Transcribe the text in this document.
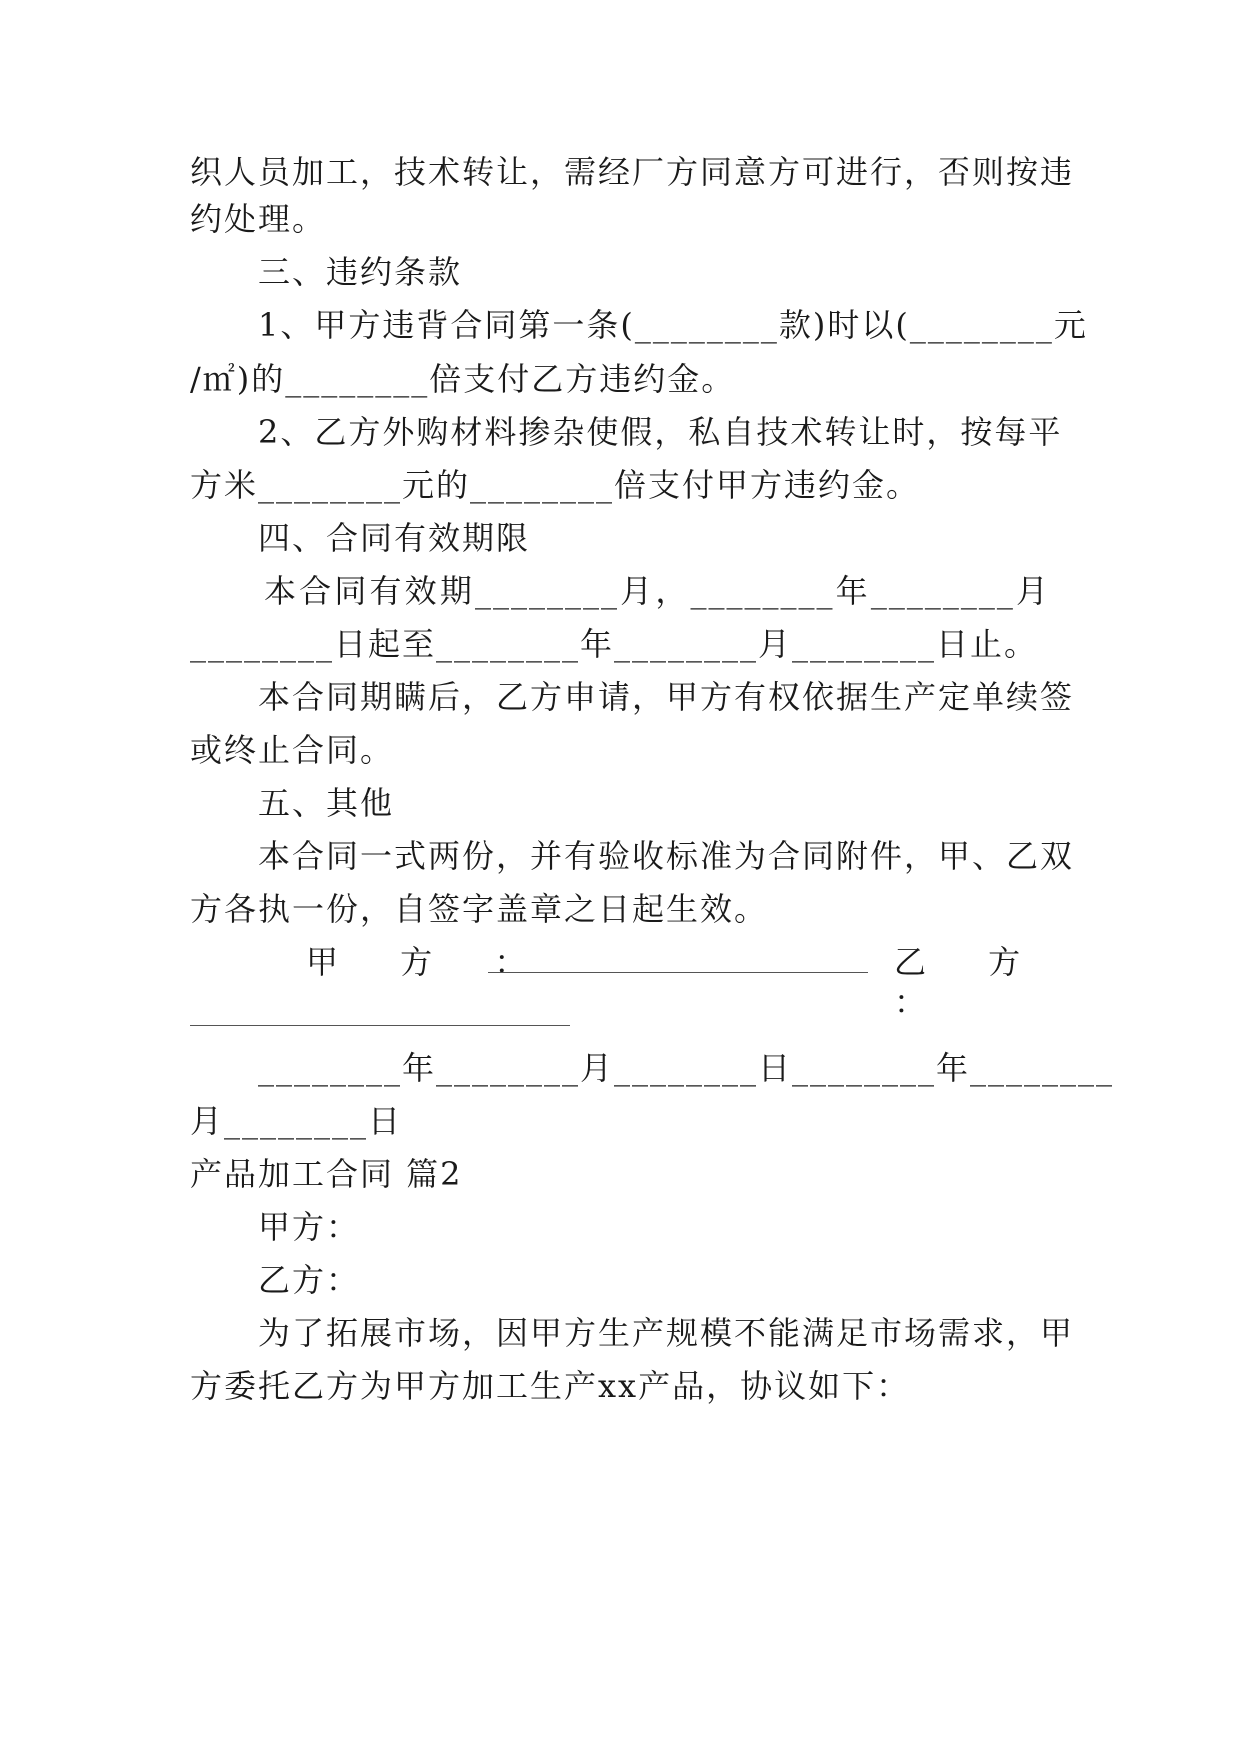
织人员加工，技术转让，需经厂方同意方可进行，否则按违
约处理。
三、违约条款
1、甲方违背合同第一条(________款)时以(________元
/㎡)的________倍支付乙方违约金。
2、乙方外购材料掺杂使假，私自技术转让时，按每平
方米________元的________倍支付甲方违约金。
四、合同有效期限
本合同有效期________月，________年________月
________日起至________年________月________日止。
本合同期瞒后，乙方申请，甲方有权依据生产定单续签
或终止合同。
五、其他
本合同一式两份，并有验收标准为合同附件，甲、乙双
方各执一份，自签字盖章之日起生效。
甲 方 ：	乙 方 ：
________年________月________日________年________
月________日
产品加工合同 篇2
甲方：
乙方：
为了拓展市场，因甲方生产规模不能满足市场需求，甲
方委托乙方为甲方加工生产xx产品，协议如下：
